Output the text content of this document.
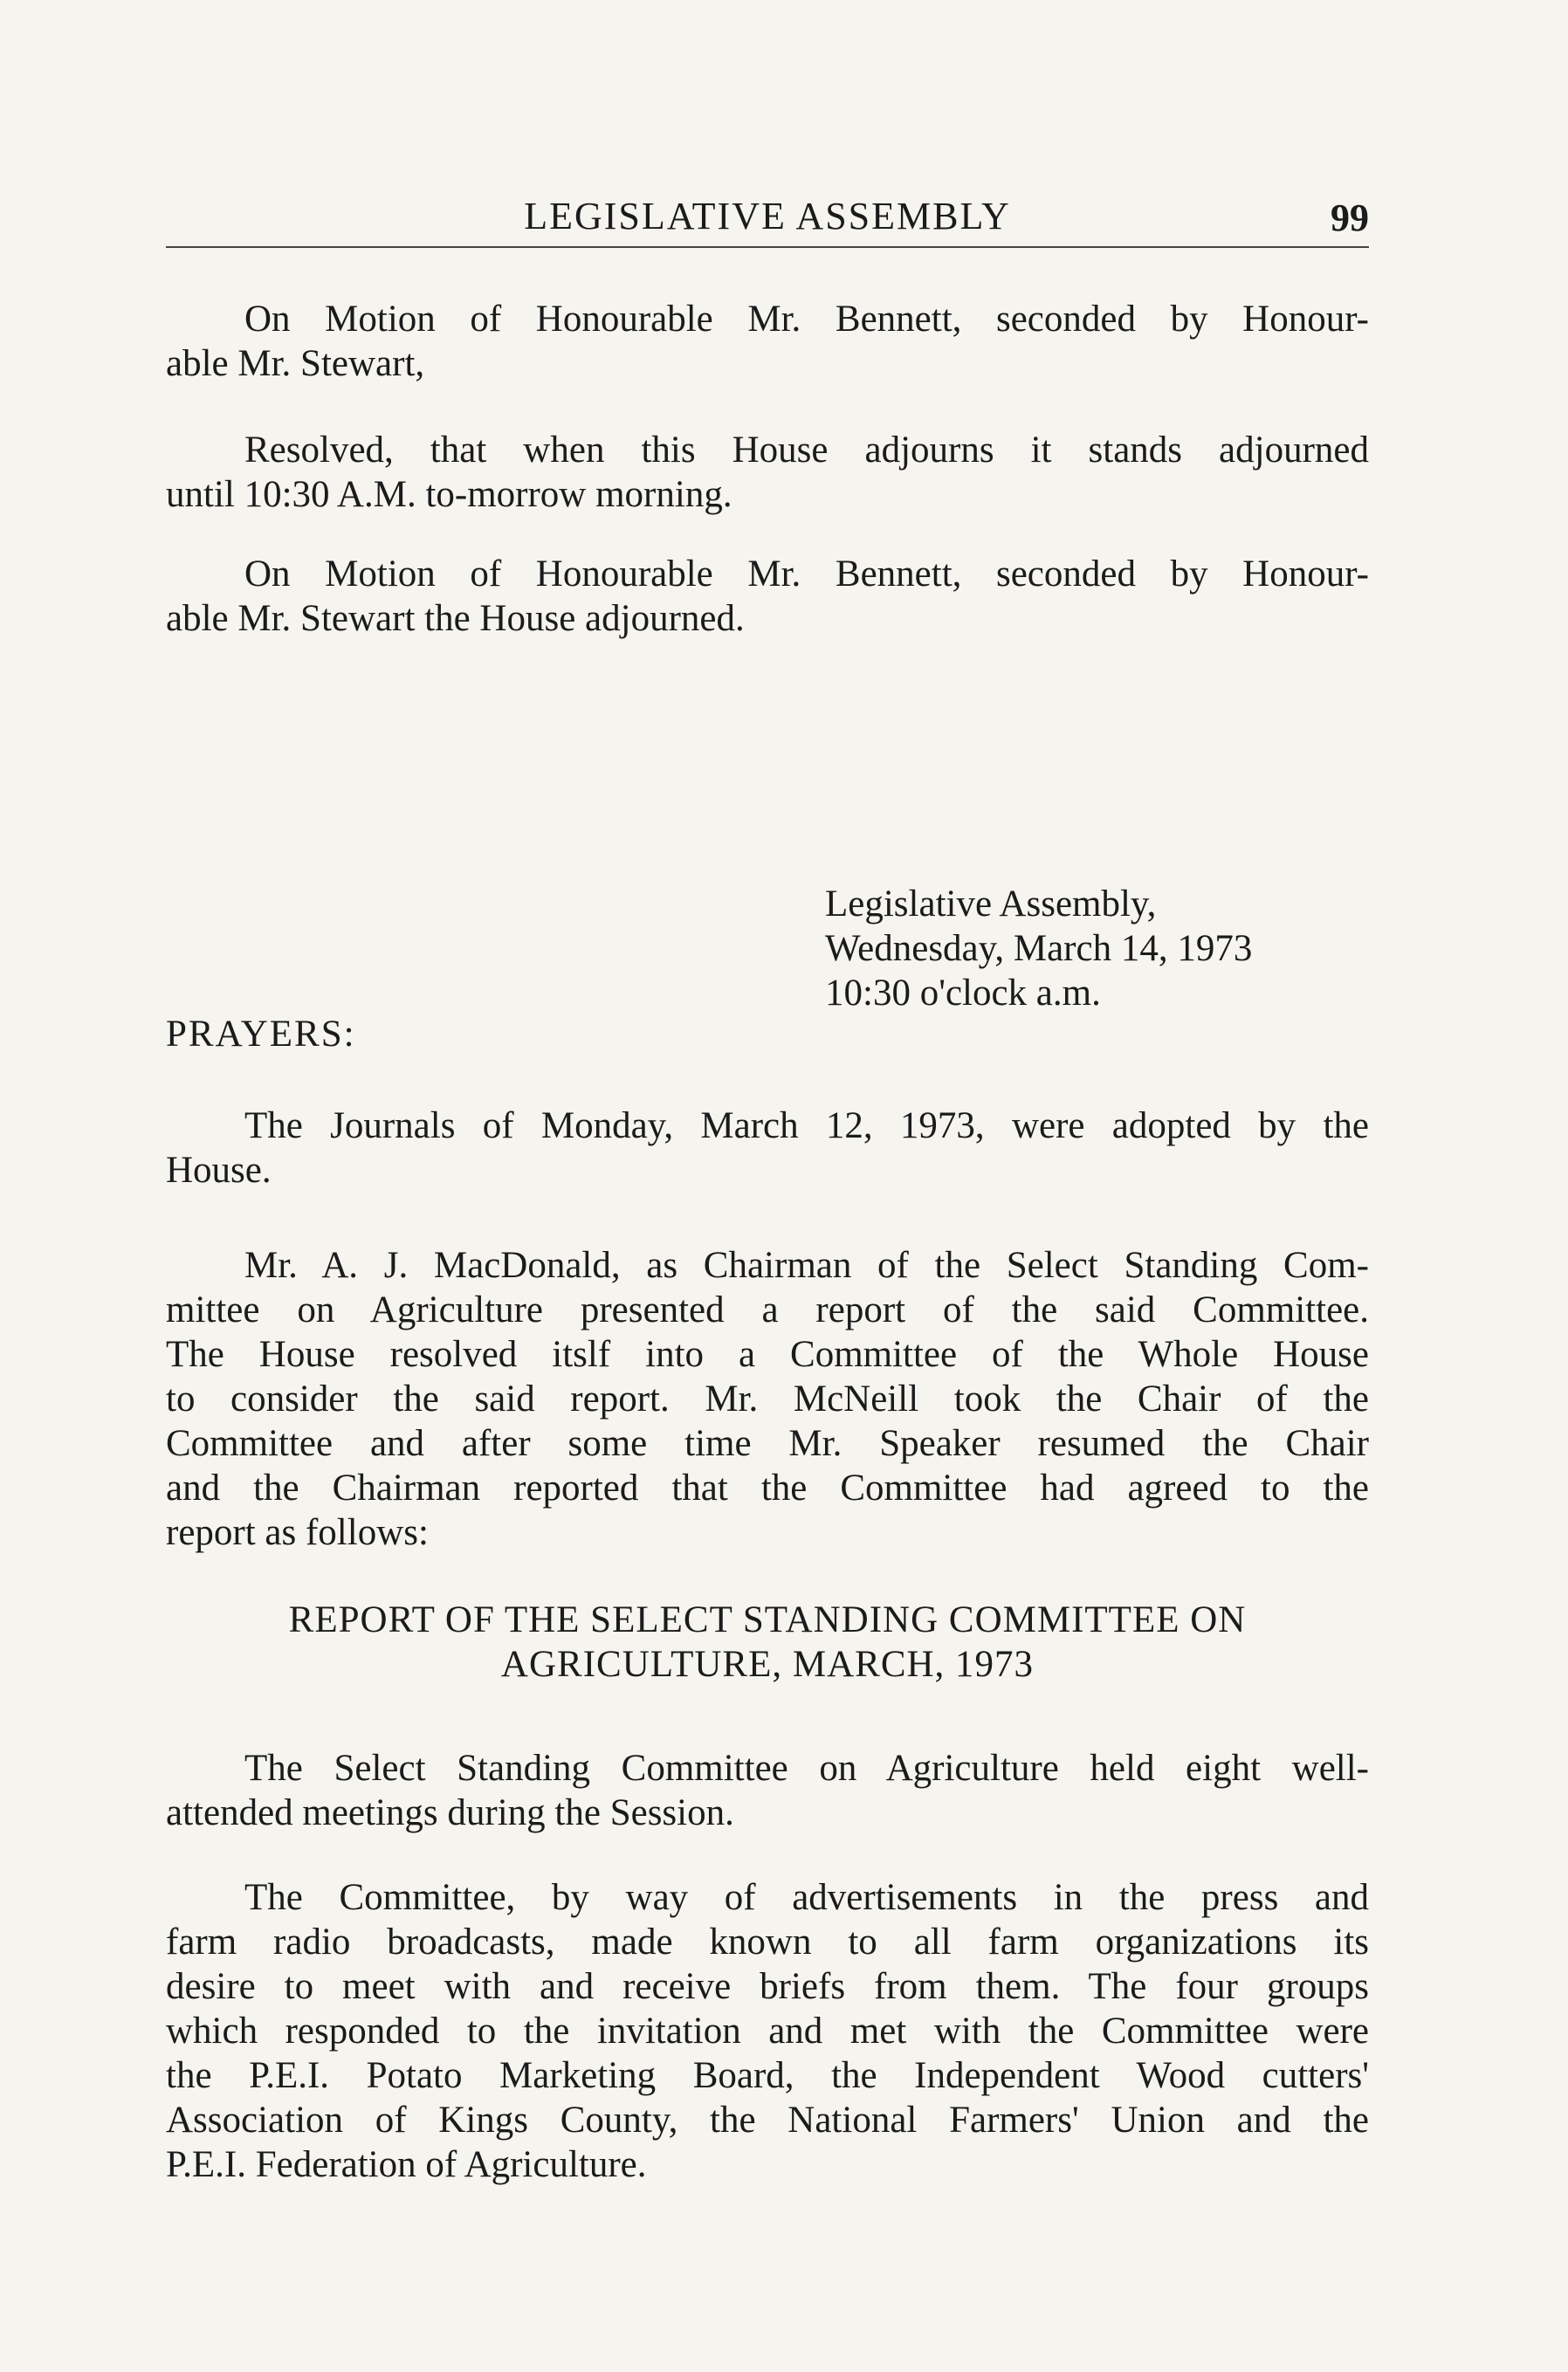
LEGISLATIVE ASSEMBLY	99
On Motion of Honourable Mr. Bennett, seconded by Honour-
able Mr. Stewart,
Resolved, that when this House adjourns it stands adjourned
until 10:30 A.M. to-morrow morning.
On Motion of Honourable Mr. Bennett, seconded by Honour-
able Mr. Stewart the House adjourned.
Legislative Assembly,
Wednesday, March 14, 1973
10:30 o'clock a.m.
PRAYERS:
The Journals of Monday, March 12, 1973, were adopted by the
House.
Mr. A. J. MacDonald, as Chairman of the Select Standing Com-
mittee on Agriculture presented a report of the said Committee.
The House resolved itslf into a Committee of the Whole House
to consider the said report. Mr. McNeill took the Chair of the
Committee and after some time Mr. Speaker resumed the Chair
and the Chairman reported that the Committee had agreed to the
report as follows:
REPORT OF THE SELECT STANDING COMMITTEE ON
AGRICULTURE, MARCH, 1973
The Select Standing Committee on Agriculture held eight well-
attended meetings during the Session.
The Committee, by way of advertisements in the press and
farm radio broadcasts, made known to all farm organizations its
desire to meet with and receive briefs from them. The four groups
which responded to the invitation and met with the Committee were
the P.E.I. Potato Marketing Board, the Independent Wood cutters'
Association of Kings County, the National Farmers' Union and the
P.E.I. Federation of Agriculture.
